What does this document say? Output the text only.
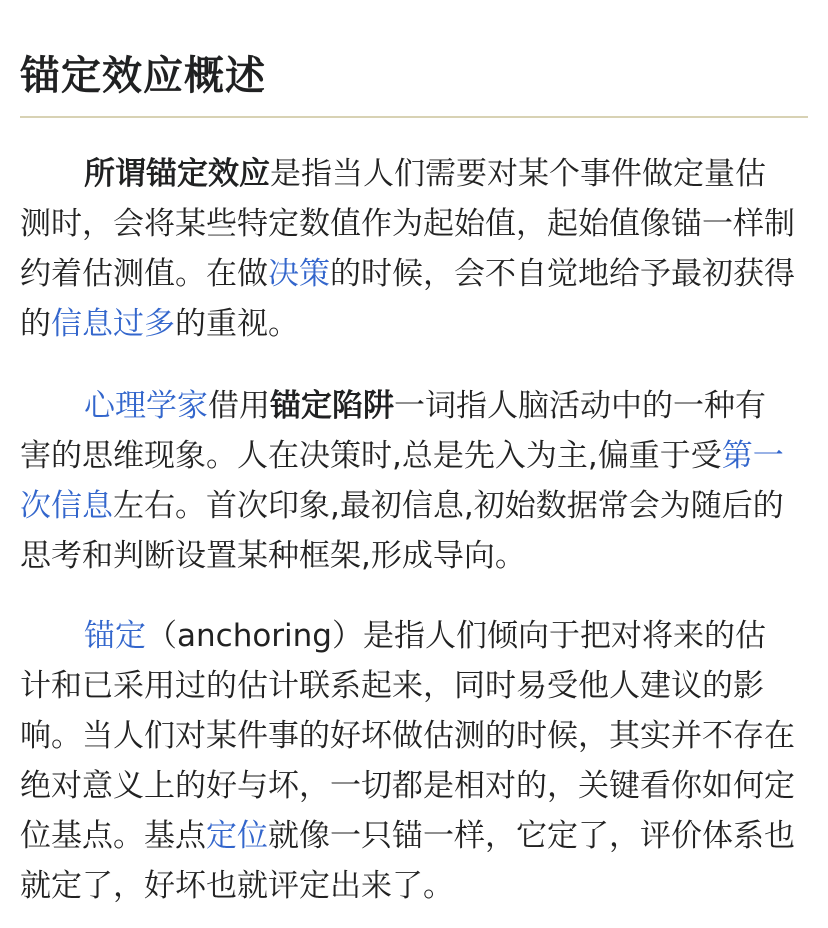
锚定效应概述

所谓锚定效应是指当人们需要对某个事件做定量估测时，会将某些特定数值作为起始值，起始值像锚一样制约着估测值。在做决策的时候，会不自觉地给予最初获得的信息过多的重视。

心理学家借用锚定陷阱一词指人脑活动中的一种有害的思维现象。人在决策时,总是先入为主,偏重于受第一次信息左右。首次印象,最初信息,初始数据常会为随后的思考和判断设置某种框架,形成导向。

锚定（anchoring）是指人们倾向于把对将来的估计和已采用过的估计联系起来，同时易受他人建议的影响。当人们对某件事的好坏做估测的时候，其实并不存在绝对意义上的好与坏，一切都是相对的，关键看你如何定位基点。基点定位就像一只锚一样，它定了，评价体系也就定了，好坏也就评定出来了。
